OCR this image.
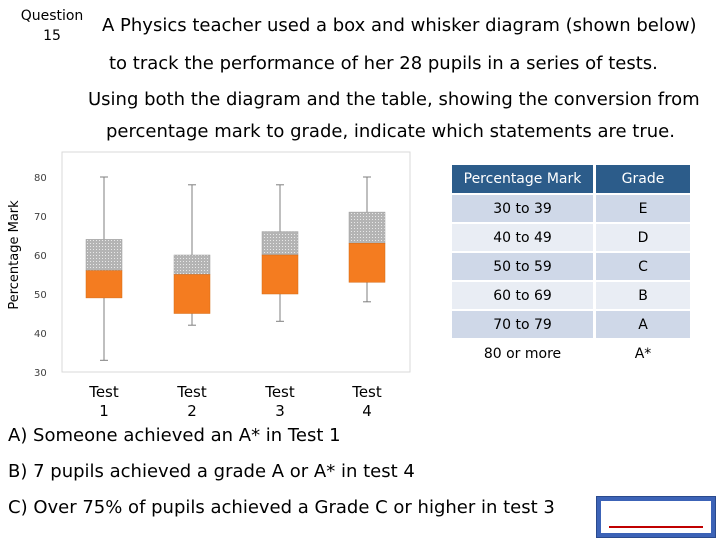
Question
15	A Physics teacher used a box and whisker diagram (shown below)
to track the performance of her 28 pupils in a series of tests.
Using both the diagram and the table, showing the conversion from
percentage mark to grade, indicate which statements are true.
Percentage Mark
30
40
50
60
70
80
Test
1
Test
2
Test
3
Test
4
Percentage Mark	Grade
30 to 39	E
40 to 49	D
50 to 59	C
60 to 69	B
70 to 79	A
80 or more	A*
A) Someone achieved an A* in Test 1
B) 7 pupils achieved a grade A or A* in test 4
C) Over 75% of pupils achieved a Grade C or higher in test 3
